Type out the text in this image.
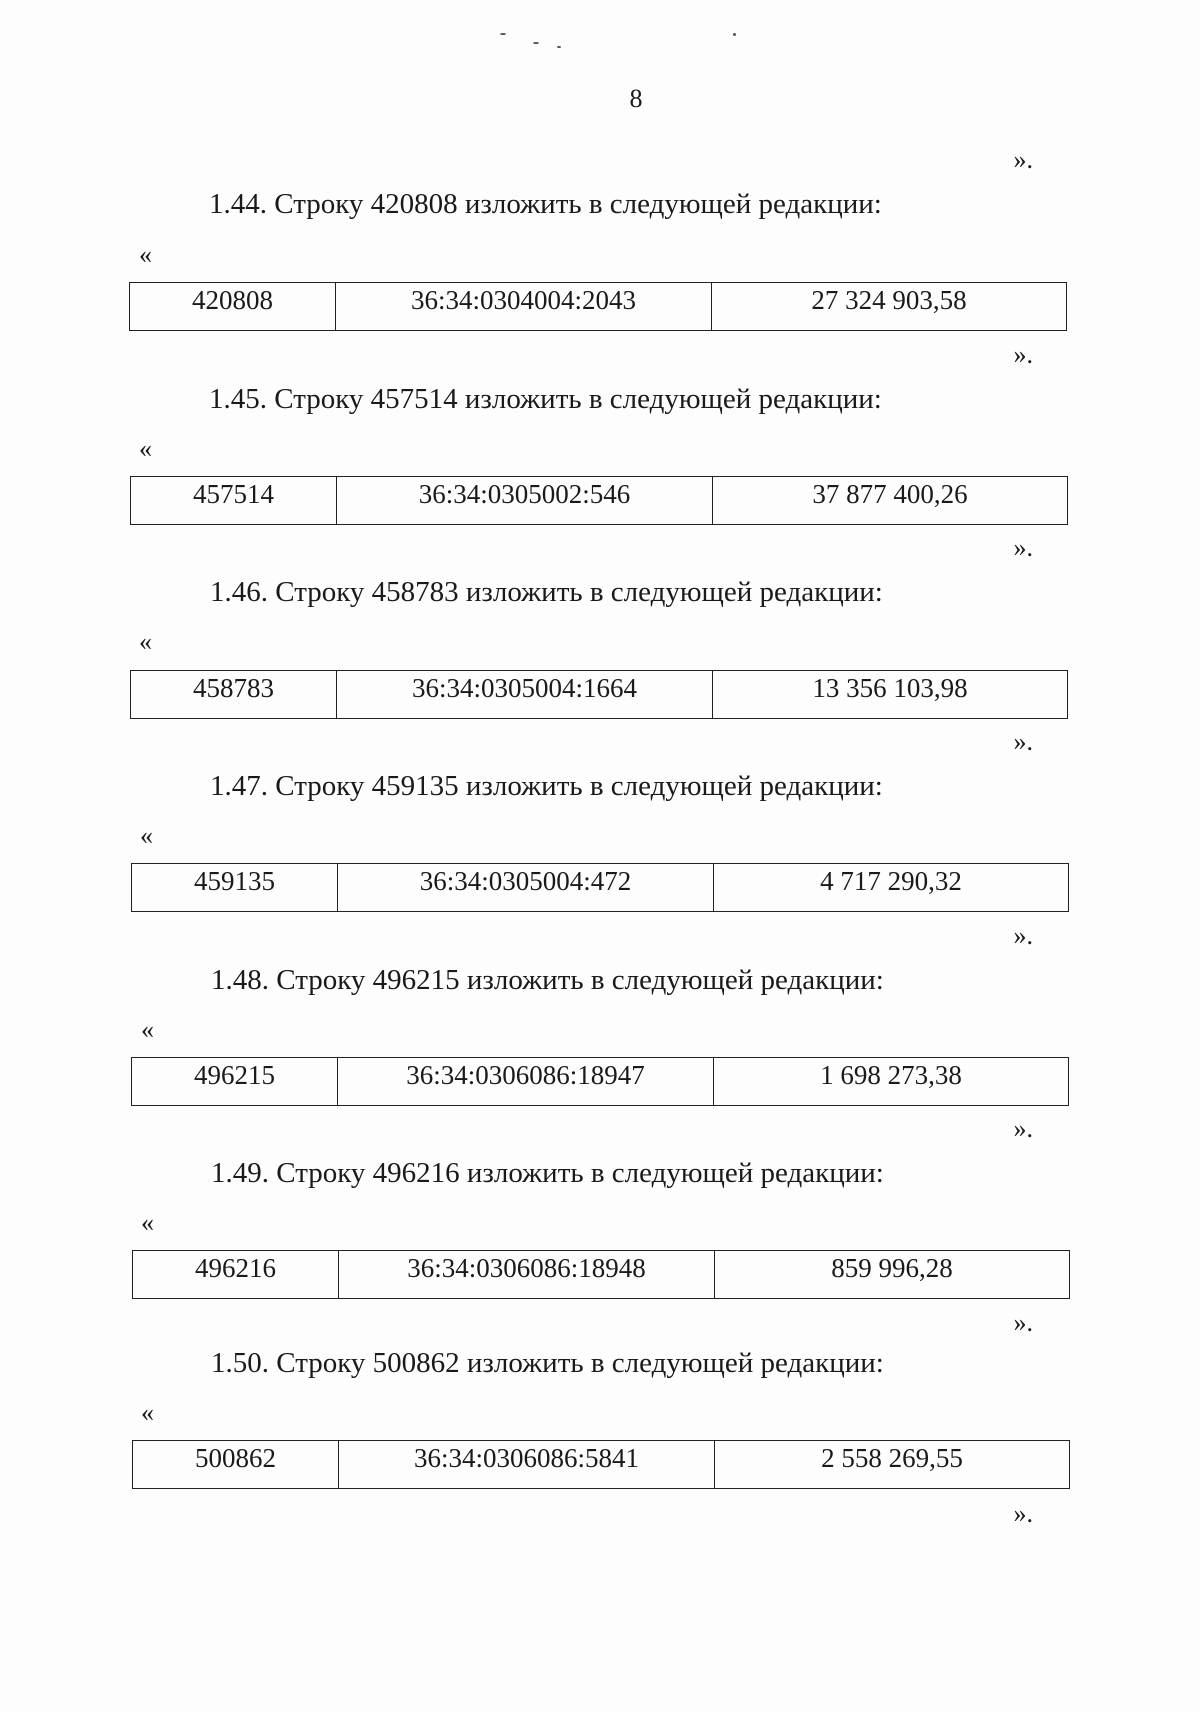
8
».
1.44. Строку 420808 изложить в следующей редакции:
«
420808	36:34:0304004:2043	27 324 903,58
».
1.45. Строку 457514 изложить в следующей редакции:
«
457514	36:34:0305002:546	37 877 400,26
».
1.46. Строку 458783 изложить в следующей редакции:
«
458783	36:34:0305004:1664	13 356 103,98
».
1.47. Строку 459135 изложить в следующей редакции:
«
459135	36:34:0305004:472	4 717 290,32
».
1.48. Строку 496215 изложить в следующей редакции:
«
496215	36:34:0306086:18947	1 698 273,38
».
1.49. Строку 496216 изложить в следующей редакции:
«
496216	36:34:0306086:18948	859 996,28
».
1.50. Строку 500862 изложить в следующей редакции:
«
500862	36:34:0306086:5841	2 558 269,55
».
